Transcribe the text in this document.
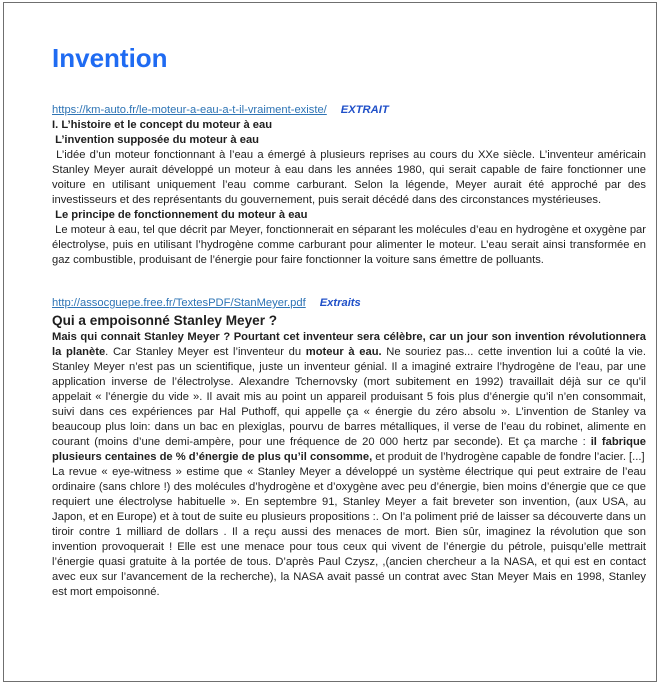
Invention
https://km-auto.fr/le-moteur-a-eau-a-t-il-vraiment-existe/ EXTRAIT

I. L’histoire et le concept du moteur à eau

L’invention supposée du moteur à eau

L’idée d’un moteur fonctionnant à l’eau a émergé à plusieurs reprises au cours du XXe siècle. L’inventeur américain Stanley Meyer aurait développé un moteur à eau dans les années 1980, qui serait capable de faire fonctionner une voiture en utilisant uniquement l’eau comme carburant. Selon la légende, Meyer aurait été approché par des investisseurs et des représentants du gouvernement, puis serait décédé dans des circonstances mystérieuses.

Le principe de fonctionnement du moteur à eau

Le moteur à eau, tel que décrit par Meyer, fonctionnerait en séparant les molécules d’eau en hydrogène et oxygène par électrolyse, puis en utilisant l’hydrogène comme carburant pour alimenter le moteur. L’eau serait ainsi transformée en gaz combustible, produisant de l’énergie pour faire fonctionner la voiture sans émettre de polluants.

http://assocguepe.free.fr/TextesPDF/StanMeyer.pdf Extraits

Qui a empoisonné Stanley Meyer ?

Mais qui connait Stanley Meyer ? Pourtant cet inventeur sera célèbre, car un jour son invention révolutionnera la planète. Car Stanley Meyer est l’inventeur du moteur à eau. Ne souriez pas... cette invention lui a coûté la vie. Stanley Meyer n’est pas un scientifique, juste un inventeur génial. Il a imaginé extraire l’hydrogène de l’eau, par une application inverse de l’électrolyse. Alexandre Tchernovsky (mort subitement en 1992) travaillait déjà sur ce qu’il appelait « l’énergie du vide ». Il avait mis au point un appareil produisant 5 fois plus d’énergie qu’il n’en consommait, suivi dans ces expériences par Hal Puthoff, qui appelle ça « énergie du zéro absolu ». L’invention de Stanley va beaucoup plus loin: dans un bac en plexiglas, pourvu de barres métalliques, il verse de l’eau du robinet, alimente en courant (moins d’une demi-ampère, pour une fréquence de 20 000 hertz par seconde). Et ça marche : il fabrique plusieurs centaines de % d’énergie de plus qu’il consomme, et produit de l’hydrogène capable de fondre l’acier. [...]

La revue « eye-witness » estime que « Stanley Meyer a développé un système électrique qui peut extraire de l’eau ordinaire (sans chlore !) des molécules d’hydrogène et d’oxygène avec peu d’énergie, bien moins d’énergie que ce que requiert une électrolyse habituelle ». En septembre 91, Stanley Meyer a fait breveter son invention, (aux USA, au Japon, et en Europe) et à tout de suite eu plusieurs propositions :. On l’a poliment prié de laisser sa découverte dans un tiroir contre 1 milliard de dollars . Il a reçu aussi des menaces de mort. Bien sûr, imaginez la révolution que son invention provoquerait ! Elle est une menace pour tous ceux qui vivent de l’énergie du pétrole, puisqu’elle mettrait l’énergie quasi gratuite à la portée de tous. D’après Paul Czysz, ,(ancien chercheur a la NASA, et qui est en contact avec eux sur l’avancement de la recherche), la NASA avait passé un contrat avec Stan Meyer Mais en 1998, Stanley est mort empoisonné.
